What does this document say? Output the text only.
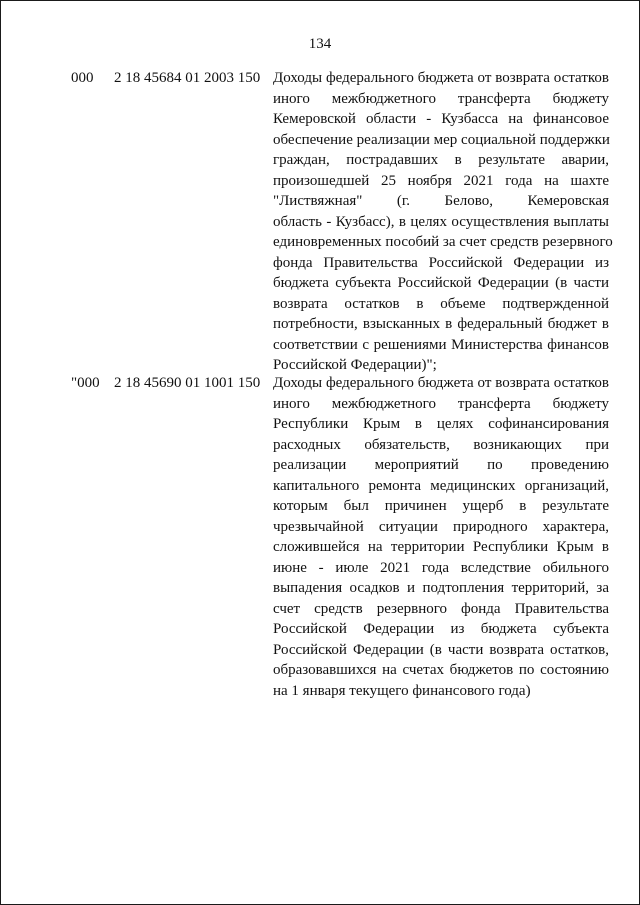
134
000 2 18 45684 01 2003 150 Доходы федерального бюджета от возврата остатков
иного межбюджетного трансферта бюджету
Кемеровской области - Кузбасса на финансовое
обеспечение реализации мер социальной поддержки
граждан, пострадавших в результате аварии,
произошедшей 25 ноября 2021 года на шахте
"Листвяжная" (г. Белово, Кемеровская
область - Кузбасс), в целях осуществления выплаты
единовременных пособий за счет средств резервного
фонда Правительства Российской Федерации из
бюджета субъекта Российской Федерации (в части
возврата остатков в объеме подтвержденной
потребности, взысканных в федеральный бюджет в
соответствии с решениями Министерства финансов
Российской Федерации)";

"000 2 18 45690 01 1001 150 Доходы федерального бюджета от возврата остатков
иного межбюджетного трансферта бюджету
Республики Крым в целях софинансирования
расходных обязательств, возникающих при
реализации мероприятий по проведению
капитального ремонта медицинских организаций,
которым был причинен ущерб в результате
чрезвычайной ситуации природного характера,
сложившейся на территории Республики Крым в
июне - июле 2021 года вследствие обильного
выпадения осадков и подтопления территорий, за
счет средств резервного фонда Правительства
Российской Федерации из бюджета субъекта
Российской Федерации (в части возврата остатков,
образовавшихся на счетах бюджетов по состоянию
на 1 января текущего финансового года)
